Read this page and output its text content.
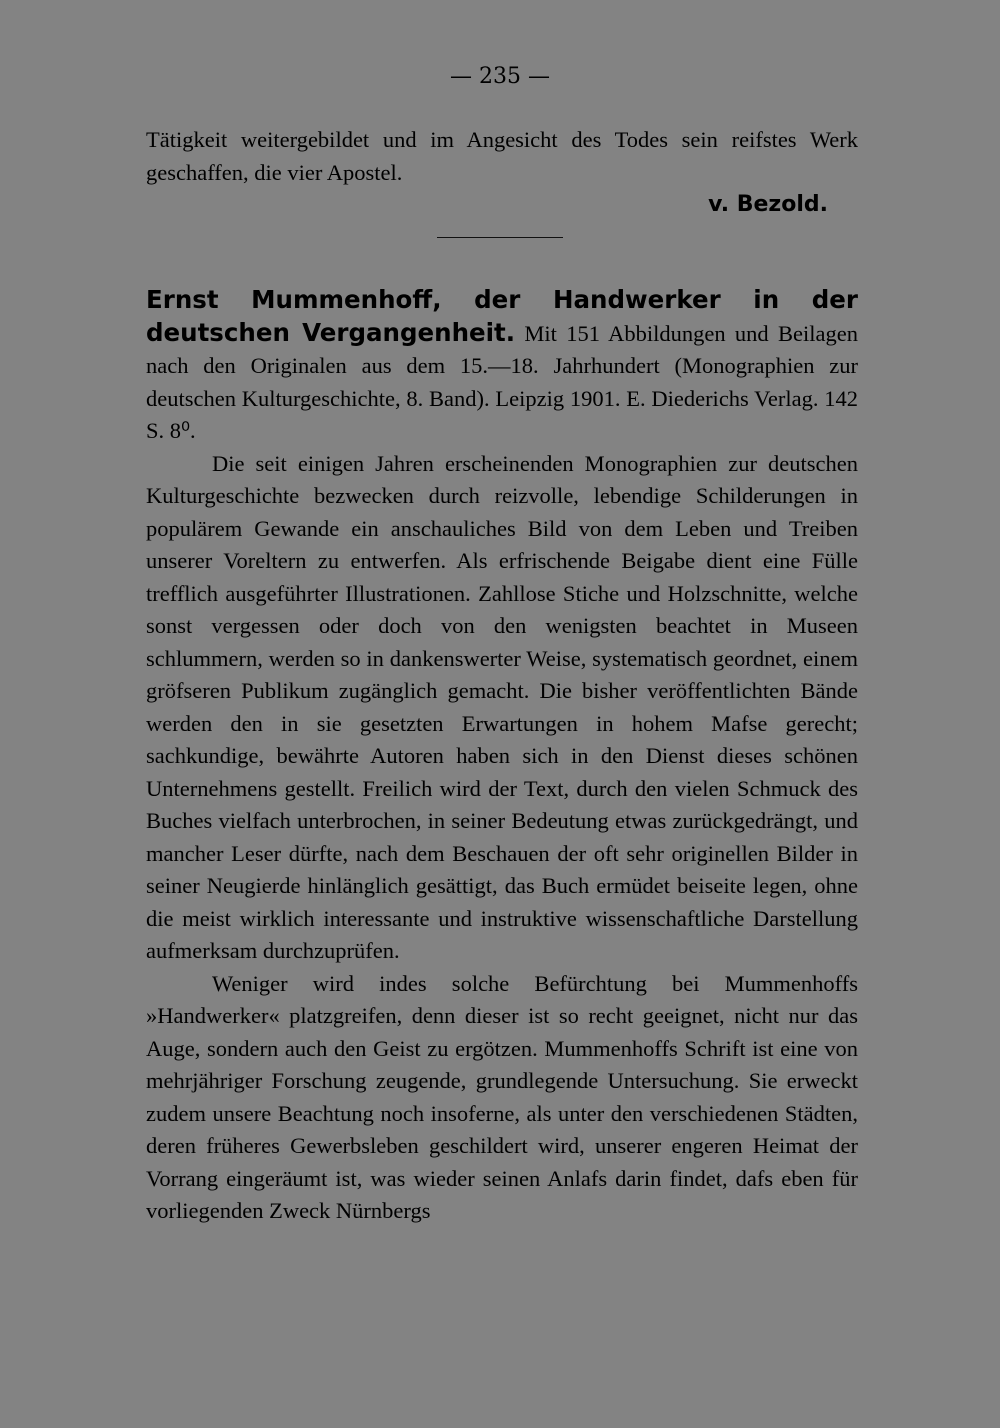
— 235 —

Tätigkeit weitergebildet und im Angesicht des Todes sein reifstes Werk geschaffen, die vier Apostel.

v. Bezold.

Ernst Mummenhoff, der Handwerker in der

deutschen Vergangenheit. Mit 151 Abbildungen und Beilagen nach den Originalen aus dem 15.—18. Jahrhundert (Monographien zur deutschen Kulturgeschichte, 8. Band). Leipzig 1901. E. Diederichs Verlag. 142 S. 8⁰.

Die seit einigen Jahren erscheinenden Monographien zur deutschen Kulturgeschichte bezwecken durch reizvolle, lebendige Schilderungen in populärem Gewande ein anschauliches Bild von dem Leben und Treiben unserer Voreltern zu entwerfen. Als erfrischende Beigabe dient eine Fülle trefflich ausgeführter Illustrationen. Zahllose Stiche und Holzschnitte, welche sonst vergessen oder doch von den wenigsten beachtet in Museen schlummern, werden so in dankenswerter Weise, systematisch geordnet, einem gröfseren Publikum zugänglich gemacht. Die bisher veröffentlichten Bände werden den in sie gesetzten Erwartungen in hohem Mafse gerecht; sachkundige, bewährte Autoren haben sich in den Dienst dieses schönen Unternehmens gestellt. Freilich wird der Text, durch den vielen Schmuck des Buches vielfach unterbrochen, in seiner Bedeutung etwas zurückgedrängt, und mancher Leser dürfte, nach dem Beschauen der oft sehr originellen Bilder in seiner Neugierde hinlänglich gesättigt, das Buch ermüdet beiseite legen, ohne die meist wirklich interessante und instruktive wissenschaftliche Darstellung aufmerksam durchzuprüfen.

Weniger wird indes solche Befürchtung bei Mummenhoffs »Handwerker« platzgreifen, denn dieser ist so recht geeignet, nicht nur das Auge, sondern auch den Geist zu ergötzen. Mummenhoffs Schrift ist eine von mehrjähriger Forschung zeugende, grundlegende Untersuchung. Sie erweckt zudem unsere Beachtung noch insoferne, als unter den verschiedenen Städten, deren früheres Gewerbsleben geschildert wird, unserer engeren Heimat der Vorrang eingeräumt ist, was wieder seinen Anlafs darin findet, dafs eben für vorliegenden Zweck Nürnbergs
